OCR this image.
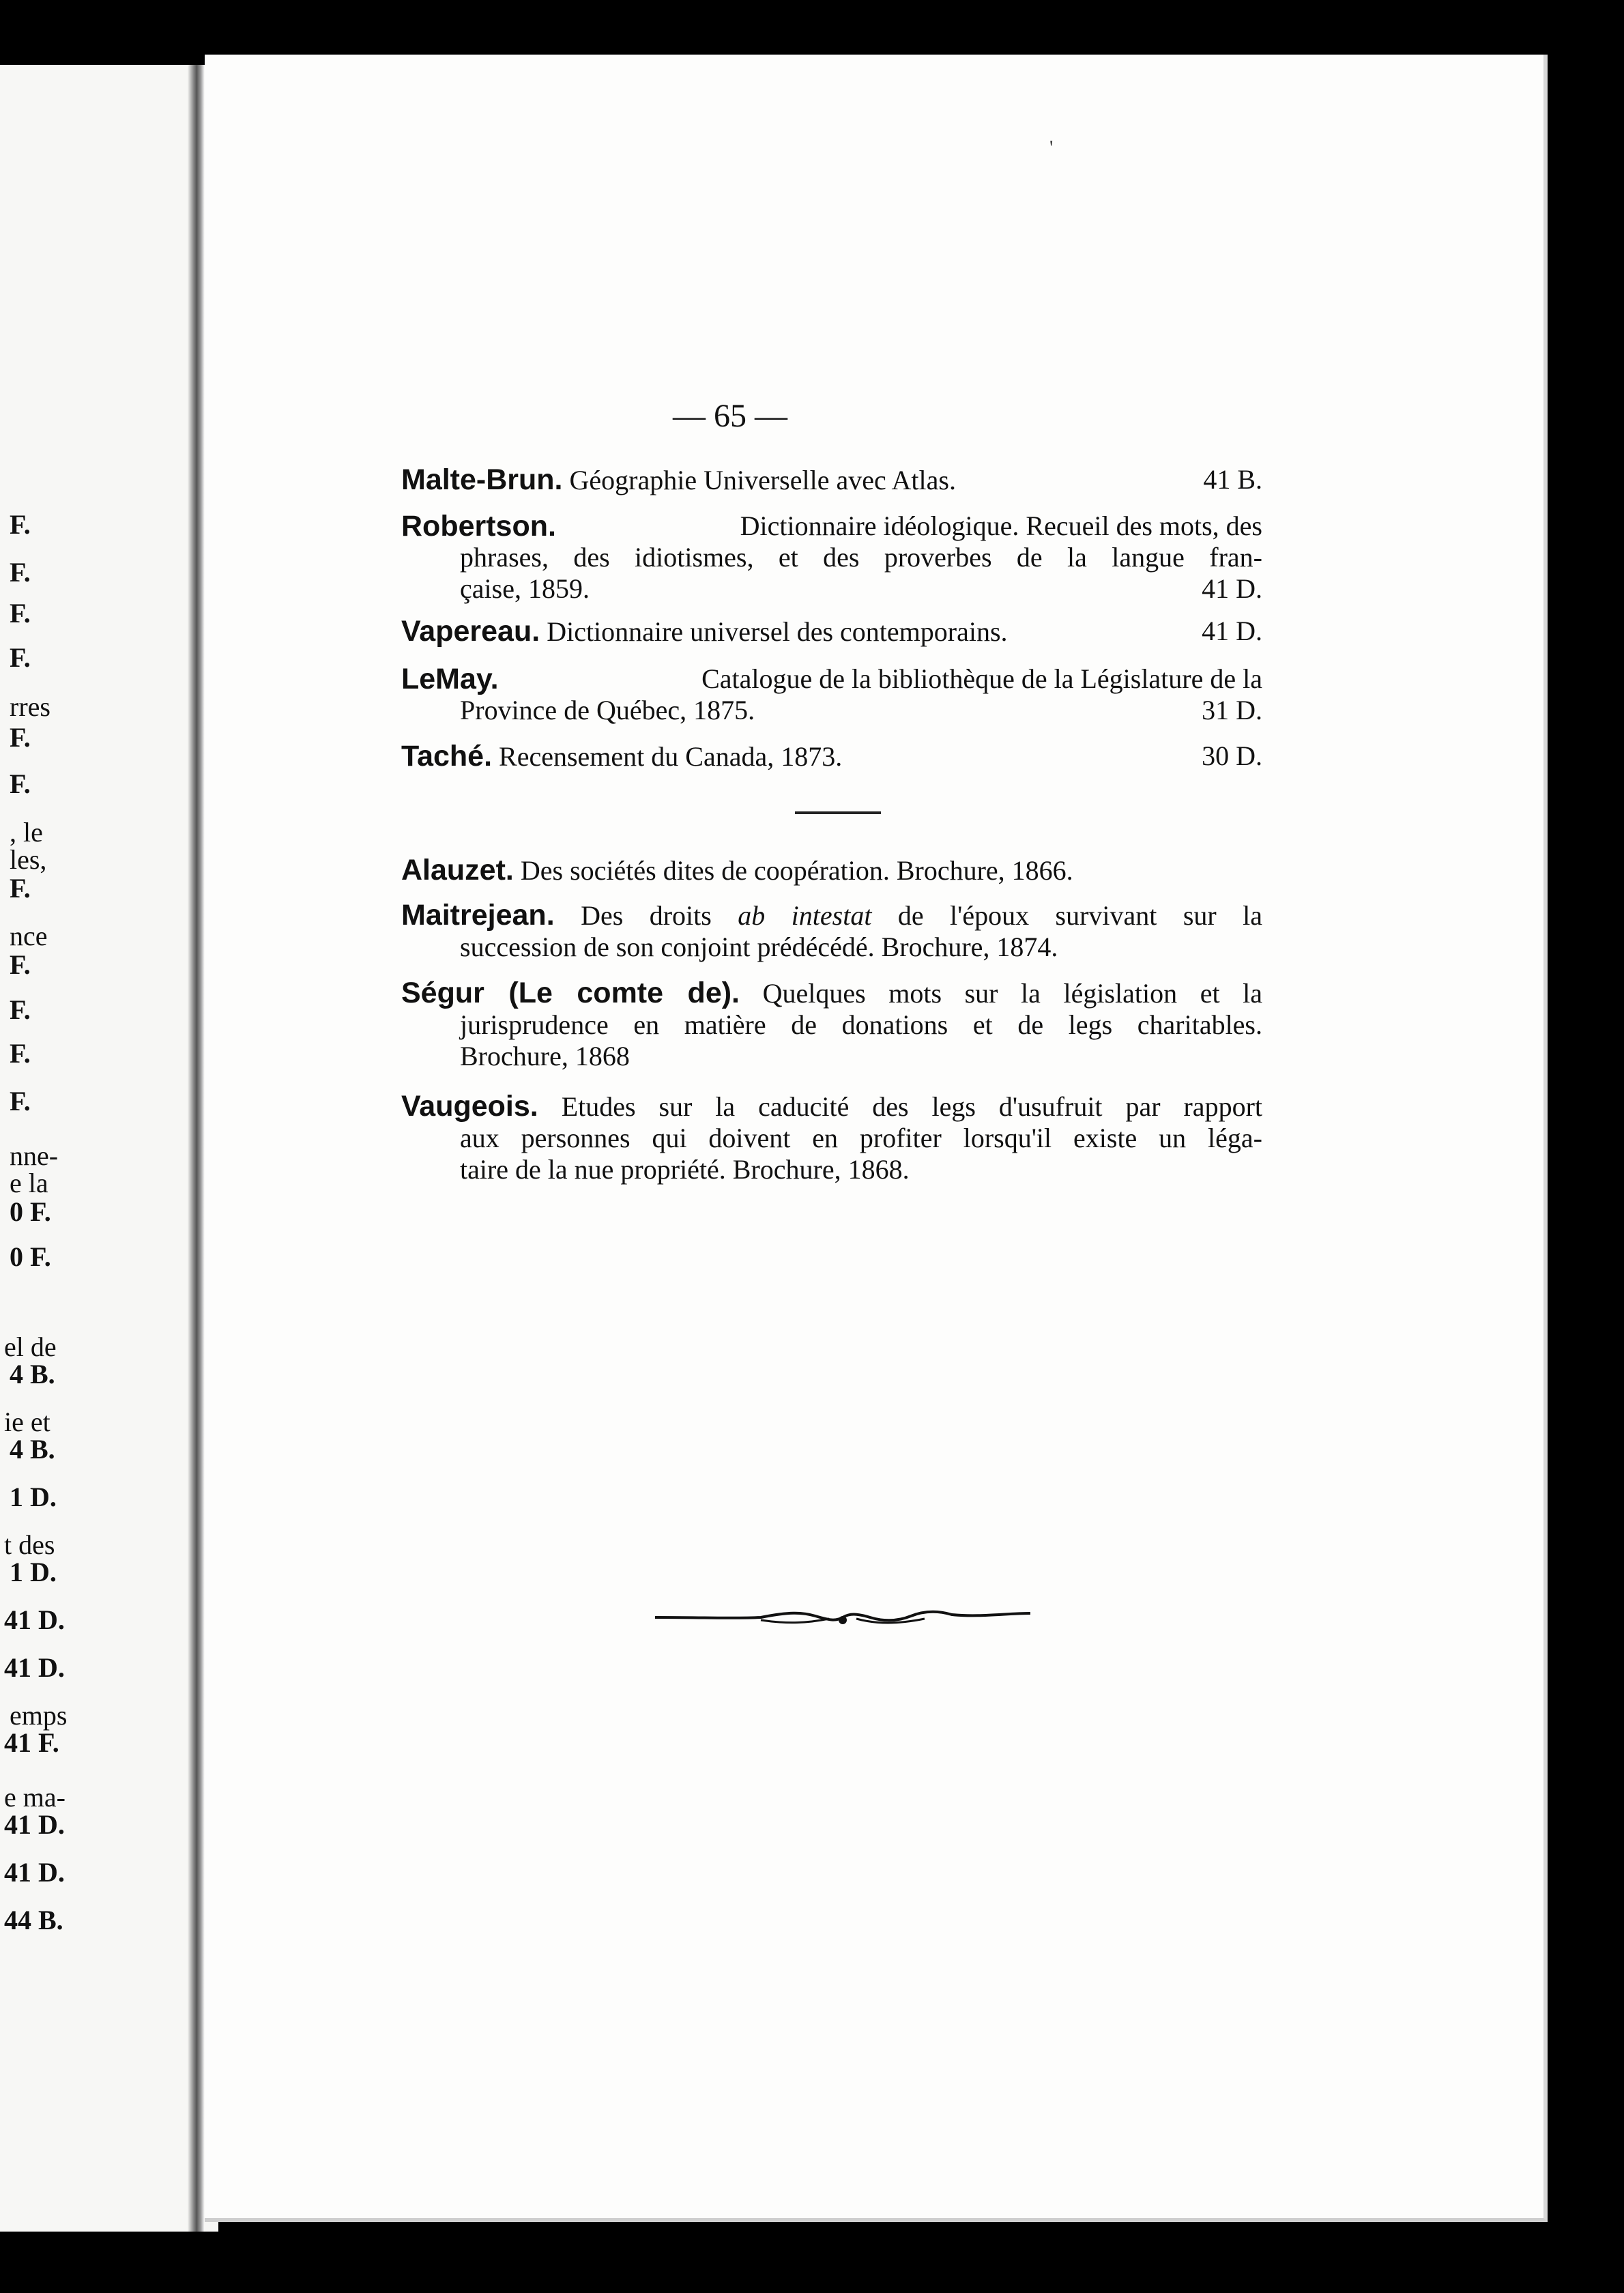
F.
F.
F.
F.
rres
F.
F.
, le
les,
F.
nce
F.
F.
F.
F.
nne-
e la
0 F.
0 F.
el de
4 B.
ie et
4 B.
1 D.
t des
1 D.
41 D.
41 D.
emps
41 F.
e ma-
41 D.
41 D.
44 B.
— 65 —
Malte-Brun. Géographie Universelle avec Atlas.	41 B.
Robertson.	Dictionnaire idéologique. Recueil des mots, des
phrases, des idiotismes, et des proverbes de la langue fran-
çaise, 1859.	41 D.
Vapereau. Dictionnaire universel des contemporains.	41 D.
LeMay.	Catalogue de la bibliothèque de la Législature de la
Province de Québec, 1875.	31 D.
Taché. Recensement du Canada, 1873.	30 D.
Alauzet. Des sociétés dites de coopération. Brochure, 1866.
Maitrejean. Des droits ab intestat de l'époux survivant sur la
succession de son conjoint prédécédé. Brochure, 1874.
Ségur (Le comte de). Quelques mots sur la législation et la
jurisprudence en matière de donations et de legs charitables.
Brochure, 1868
Vaugeois. Etudes sur la caducité des legs d'usufruit par rapport
aux personnes qui doivent en profiter lorsqu'il existe un léga-
taire de la nue propriété. Brochure, 1868.
'
